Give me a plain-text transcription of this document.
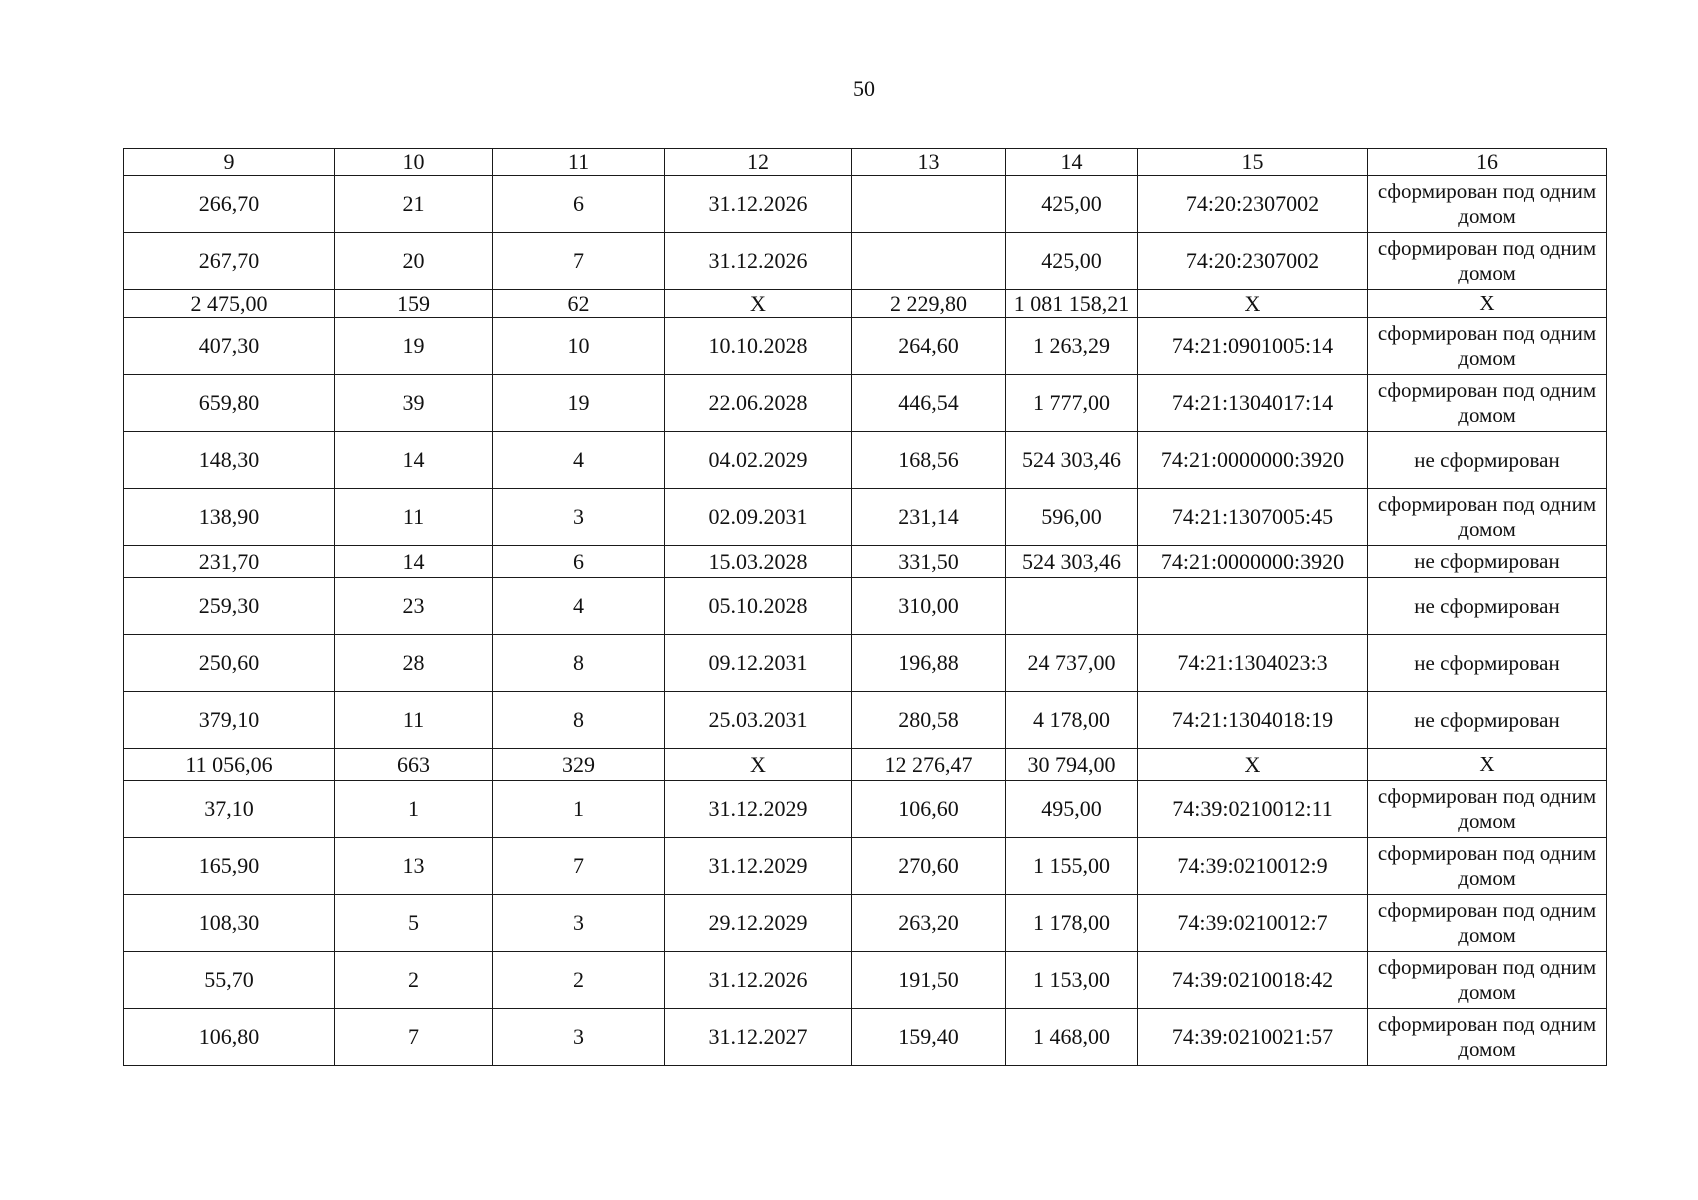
50
9	10	11	12	13	14	15	16
266,70	21	6	31.12.2026		425,00	74:20:2307002	сформирован под одним домом
267,70	20	7	31.12.2026		425,00	74:20:2307002	сформирован под одним домом
2 475,00	159	62	X	2 229,80	1 081 158,21	X	X
407,30	19	10	10.10.2028	264,60	1 263,29	74:21:0901005:14	сформирован под одним домом
659,80	39	19	22.06.2028	446,54	1 777,00	74:21:1304017:14	сформирован под одним домом
148,30	14	4	04.02.2029	168,56	524 303,46	74:21:0000000:3920	не сформирован
138,90	11	3	02.09.2031	231,14	596,00	74:21:1307005:45	сформирован под одним домом
231,70	14	6	15.03.2028	331,50	524 303,46	74:21:0000000:3920	не сформирован
259,30	23	4	05.10.2028	310,00			не сформирован
250,60	28	8	09.12.2031	196,88	24 737,00	74:21:1304023:3	не сформирован
379,10	11	8	25.03.2031	280,58	4 178,00	74:21:1304018:19	не сформирован
11 056,06	663	329	X	12 276,47	30 794,00	X	X
37,10	1	1	31.12.2029	106,60	495,00	74:39:0210012:11	сформирован под одним домом
165,90	13	7	31.12.2029	270,60	1 155,00	74:39:0210012:9	сформирован под одним домом
108,30	5	3	29.12.2029	263,20	1 178,00	74:39:0210012:7	сформирован под одним домом
55,70	2	2	31.12.2026	191,50	1 153,00	74:39:0210018:42	сформирован под одним домом
106,80	7	3	31.12.2027	159,40	1 468,00	74:39:0210021:57	сформирован под одним домом
